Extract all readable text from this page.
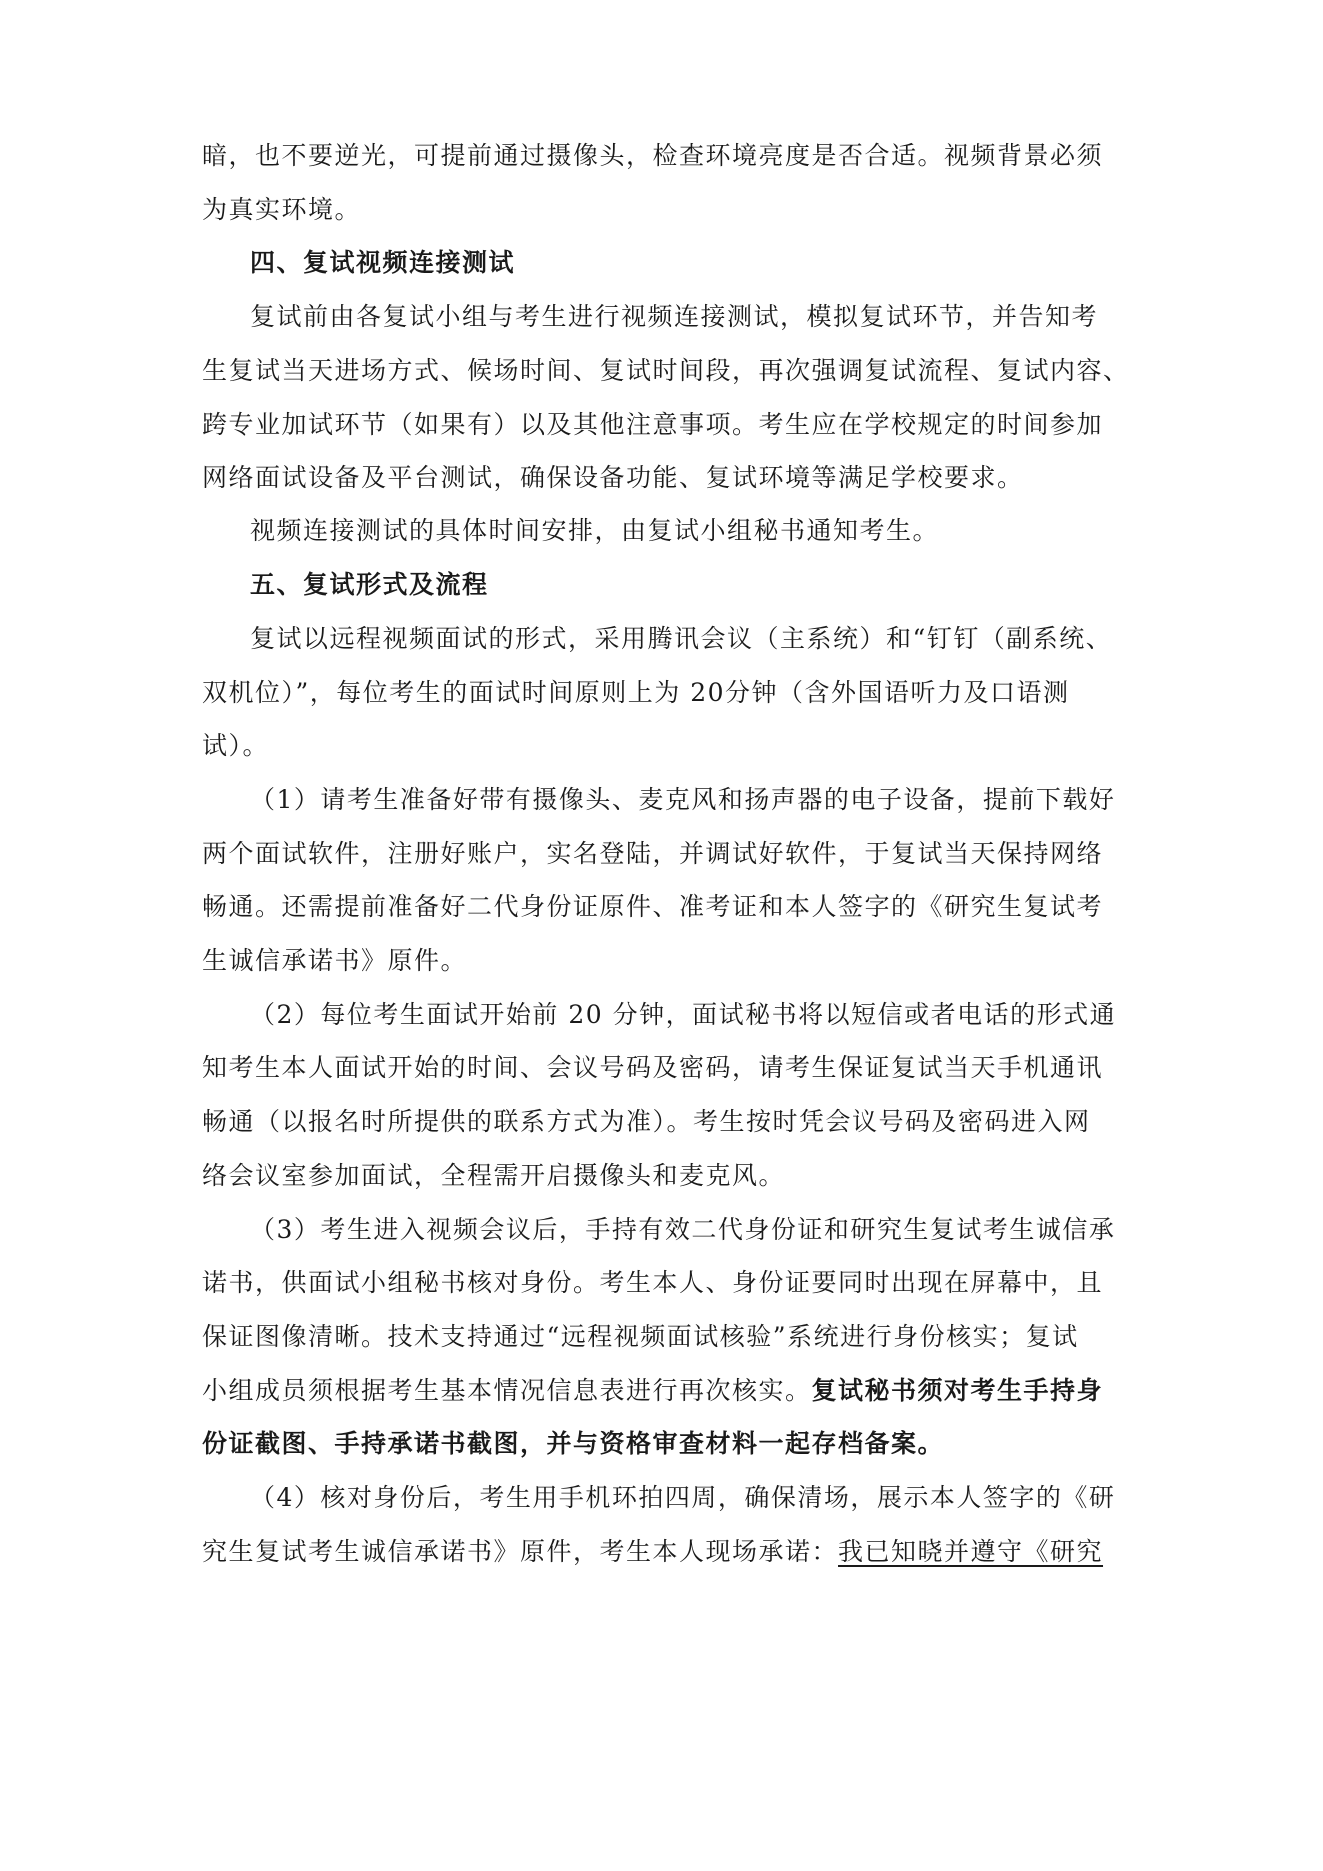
暗，也不要逆光，可提前通过摄像头，检查环境亮度是否合适。视频背景必须

为真实环境。

四、复试视频连接测试

复试前由各复试小组与考生进行视频连接测试，模拟复试环节，并告知考

生复试当天进场方式、候场时间、复试时间段，再次强调复试流程、复试内容、

跨专业加试环节（如果有）以及其他注意事项。考生应在学校规定的时间参加

网络面试设备及平台测试，确保设备功能、复试环境等满足学校要求。

视频连接测试的具体时间安排，由复试小组秘书通知考生。

五、复试形式及流程

复试以远程视频面试的形式，采用腾讯会议（主系统）和“钉钉（副系统、

双机位）”，每位考生的面试时间原则上为 20分钟（含外国语听力及口语测

试）。

（1）请考生准备好带有摄像头、麦克风和扬声器的电子设备，提前下载好

两个面试软件，注册好账户，实名登陆，并调试好软件，于复试当天保持网络

畅通。还需提前准备好二代身份证原件、准考证和本人签字的《研究生复试考

生诚信承诺书》原件。

（2）每位考生面试开始前 20 分钟，面试秘书将以短信或者电话的形式通

知考生本人面试开始的时间、会议号码及密码，请考生保证复试当天手机通讯

畅通（以报名时所提供的联系方式为准）。考生按时凭会议号码及密码进入网

络会议室参加面试，全程需开启摄像头和麦克风。

（3）考生进入视频会议后，手持有效二代身份证和研究生复试考生诚信承

诺书，供面试小组秘书核对身份。考生本人、身份证要同时出现在屏幕中，且

保证图像清晰。技术支持通过“远程视频面试核验”系统进行身份核实；复试

小组成员须根据考生基本情况信息表进行再次核实。复试秘书须对考生手持身

份证截图、手持承诺书截图，并与资格审查材料一起存档备案。

（4）核对身份后，考生用手机环拍四周，确保清场，展示本人签字的《研

究生复试考生诚信承诺书》原件，考生本人现场承诺：我已知晓并遵守《研究
